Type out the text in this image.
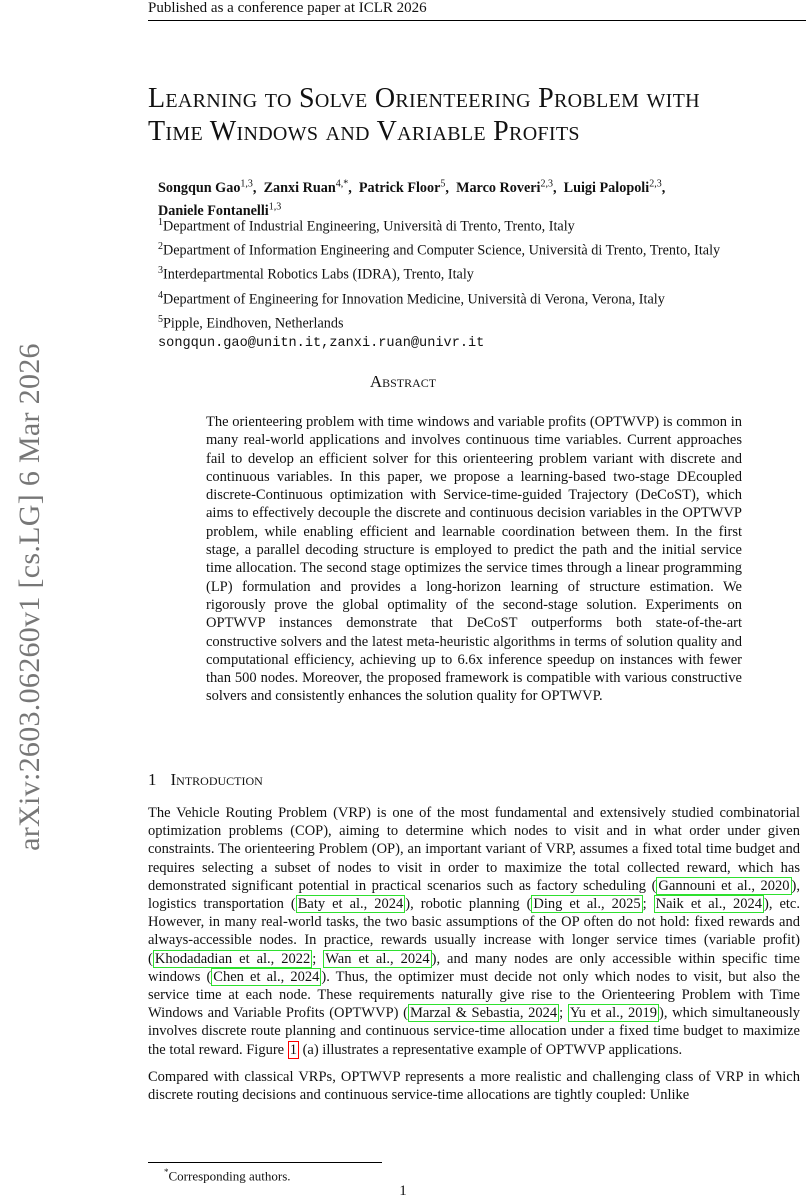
Published as a conference paper at ICLR 2026
arXiv:2603.06260v1 [cs.LG] 6 Mar 2026
Learning to Solve Orienteering Problem with
Time Windows and Variable Profits
Songqun Gao$^{1,3}$,  Zanxi Ruan$^{4,*}$,  Patrick Floor$^5$,  Marco Roveri$^{2,3}$,  Luigi Palopoli$^{2,3}$,
Daniele Fontanelli$^{1,3}$
$^1$Department of Industrial Engineering, Università di Trento, Trento, Italy
$^2$Department of Information Engineering and Computer Science, Università di Trento, Trento, Italy
$^3$Interdepartmental Robotics Labs (IDRA), Trento, Italy
$^4$Department of Engineering for Innovation Medicine, Università di Verona, Verona, Italy
$^5$Pipple, Eindhoven, Netherlands
songqun.gao@unitn.it,zanxi.ruan@univr.it
Abstract
The orienteering problem with time windows and variable profits (OPTWVP) is common in many real-world applications and involves continuous time variables. Current approaches fail to develop an efficient solver for this orienteering problem variant with discrete and continuous variables. In this paper, we propose a learning-based two-stage DEcoupled discrete-Continuous optimization with Service-time-guided Trajectory (DeCoST), which aims to effectively decouple the discrete and continuous decision variables in the OPTWVP problem, while enabling efficient and learnable coordination between them. In the first stage, a parallel decoding structure is employed to predict the path and the initial service time allocation. The second stage optimizes the service times through a linear programming (LP) formulation and provides a long-horizon learning of structure estimation. We rigorously prove the global optimality of the second-stage solution. Experiments on OPTWVP instances demonstrate that DeCoST outperforms both state-of-the-art constructive solvers and the latest meta-heuristic algorithms in terms of solution quality and computational efficiency, achieving up to 6.6x inference speedup on instances with fewer than 500 nodes. Moreover, the proposed framework is compatible with various constructive solvers and consistently enhances the solution quality for OPTWVP.
1 Introduction

The Vehicle Routing Problem (VRP) is one of the most fundamental and extensively studied combinatorial optimization problems (COP), aiming to determine which nodes to visit and in what order under given constraints. The orienteering Problem (OP), an important variant of VRP, assumes a fixed total time budget and requires selecting a subset of nodes to visit in order to maximize the total collected reward, which has demonstrated significant potential in practical scenarios such as factory scheduling ( Gannouni et al., 2020 ), logistics transportation ( Baty et al., 2024 ), robotic planning ( Ding et al., 2025 ; Naik et al., 2024 ), etc. However, in many real-world tasks, the two basic assumptions of the OP often do not hold: fixed rewards and always-accessible nodes. In practice, rewards usually increase with longer service times (variable profit) ( Khodadadian et al., 2022 ; Wan et al., 2024 ), and many nodes are only accessible within specific time windows ( Chen et al., 2024 ). Thus, the optimizer must decide not only which nodes to visit, but also the service time at each node. These requirements naturally give rise to the Orienteering Problem with Time Windows and Variable Profits (OPTWVP) ( Marzal & Sebastia, 2024 ; Yu et al., 2019 ), which simultaneously involves discrete route planning and continuous service-time allocation under a fixed time budget to maximize the total reward. Figure 1 (a) illustrates a representative example of OPTWVP applications.

Compared with classical VRPs, OPTWVP represents a more realistic and challenging class of VRP in which discrete routing decisions and continuous service-time allocations are tightly coupled: Unlike

*Corresponding authors.
1
